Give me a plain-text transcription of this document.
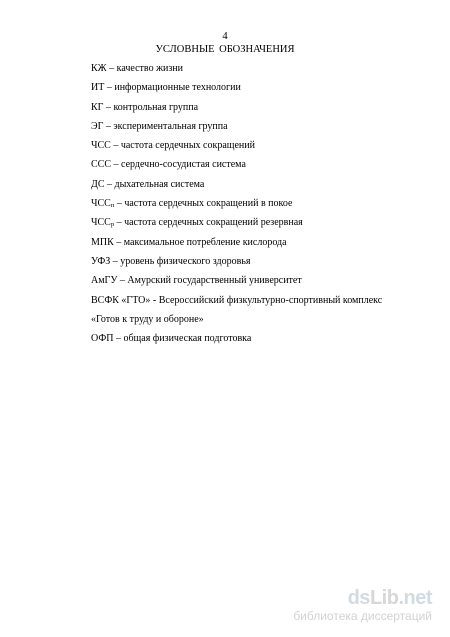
4
УСЛОВНЫЕ ОБОЗНАЧЕНИЯ
КЖ – качество жизни
ИТ – информационные технологии
КГ – контрольная группа
ЭГ – экспериментальная группа
ЧСС – частота сердечных сокращений
ССС – сердечно-сосудистая система
ДС – дыхательная система
$ЧСС_п$ – частота сердечных сокращений в покое
$ЧСС_р$ – частота сердечных сокращений резервная
МПК – максимальное потребление кислорода
УФЗ – уровень физического здоровья
АмГУ – Амурский государственный университет
ВСФК «ГТО» - Всероссийский физкультурно-спортивный комплекс
«Готов к труду и обороне»
ОФП – общая физическая подготовка
dsLib.net
библиотека диссертаций
